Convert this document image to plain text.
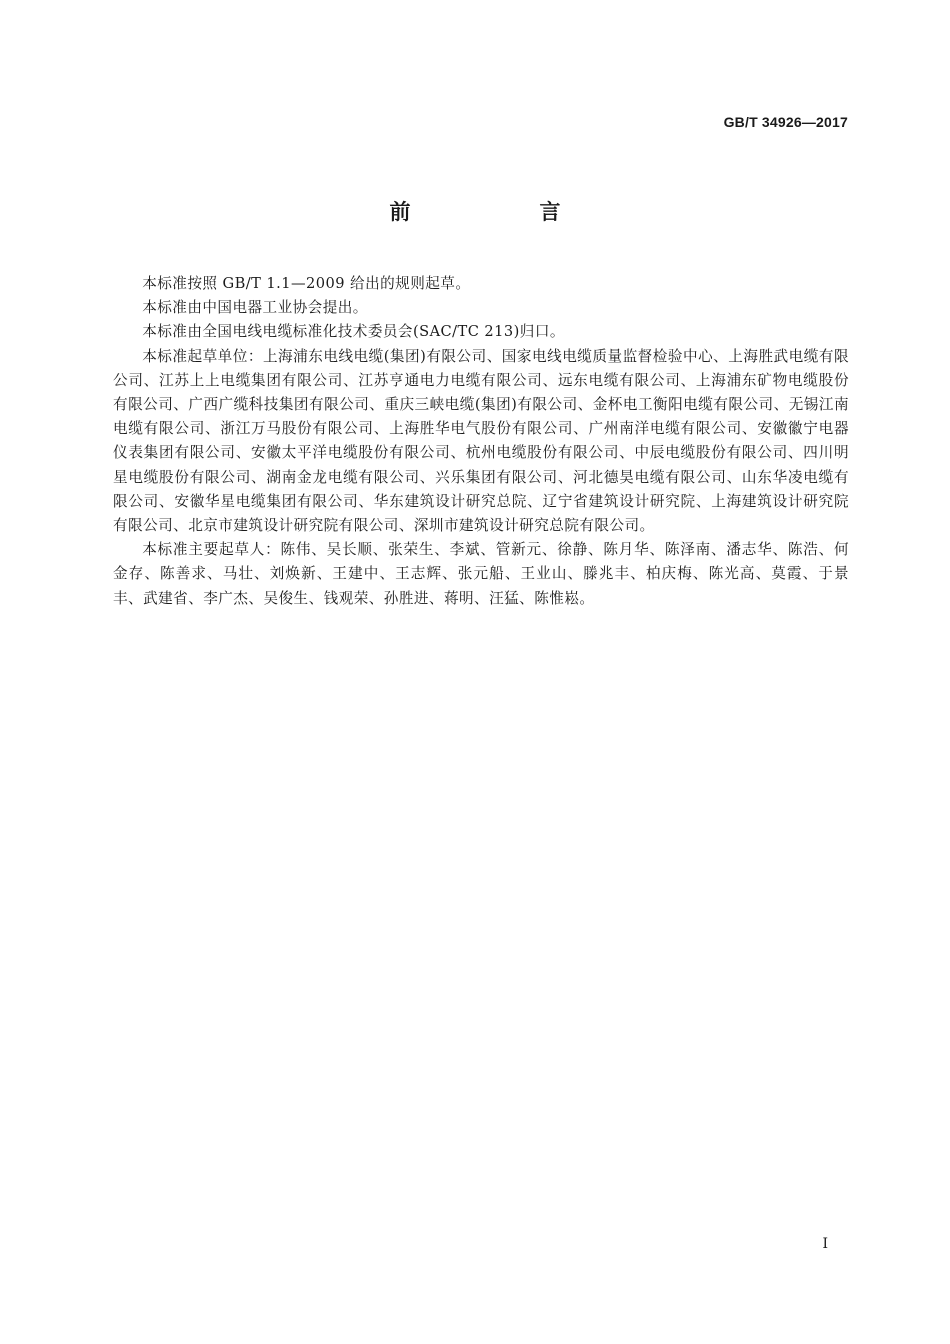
GB/T 34926—2017
前　言

本标准按照 GB/T 1.1—2009 给出的规则起草。

本标准由中国电器工业协会提出。

本标准由全国电线电缆标准化技术委员会(SAC/TC 213)归口。

本标准起草单位：上海浦东电线电缆(集团)有限公司、国家电线电缆质量监督检验中心、上海胜武电缆有限公司、江苏上上电缆集团有限公司、江苏亨通电力电缆有限公司、远东电缆有限公司、上海浦东矿物电缆股份有限公司、广西广缆科技集团有限公司、重庆三峡电缆(集团)有限公司、金杯电工衡阳电缆有限公司、无锡江南电缆有限公司、浙江万马股份有限公司、上海胜华电气股份有限公司、广州南洋电缆有限公司、安徽徽宁电器仪表集团有限公司、安徽太平洋电缆股份有限公司、杭州电缆股份有限公司、中辰电缆股份有限公司、四川明星电缆股份有限公司、湖南金龙电缆有限公司、兴乐集团有限公司、河北德昊电缆有限公司、山东华凌电缆有限公司、安徽华星电缆集团有限公司、华东建筑设计研究总院、辽宁省建筑设计研究院、上海建筑设计研究院有限公司、北京市建筑设计研究院有限公司、深圳市建筑设计研究总院有限公司。

本标准主要起草人：陈伟、吴长顺、张荣生、李斌、管新元、徐静、陈月华、陈泽南、潘志华、陈浩、何金存、陈善求、马壮、刘焕新、王建中、王志辉、张元船、王业山、滕兆丰、柏庆梅、陈光高、莫霞、于景丰、武建省、李广杰、吴俊生、钱观荣、孙胜进、蒋明、汪猛、陈惟崧。

I
